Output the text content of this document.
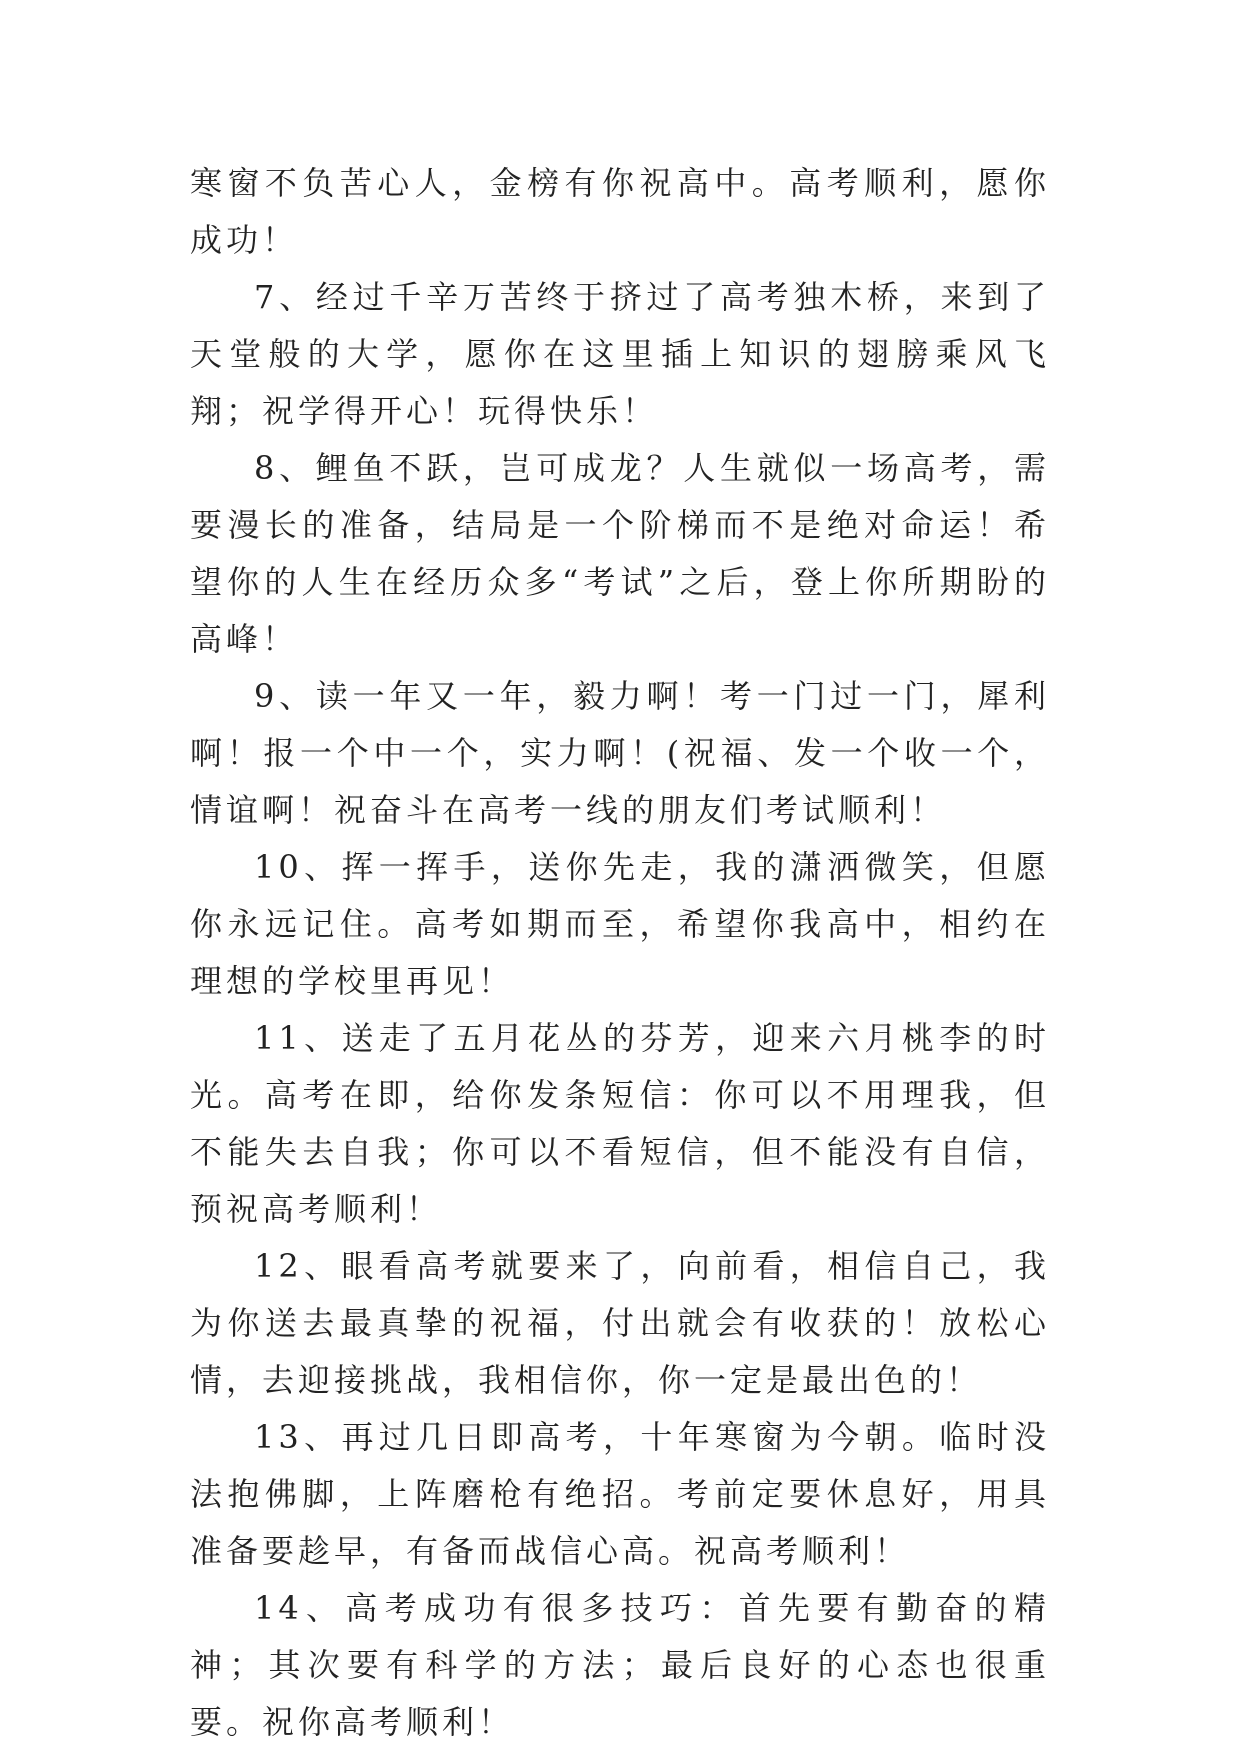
寒窗不负苦心人，金榜有你祝高中。高考顺利，愿你成功！

7、经过千辛万苦终于挤过了高考独木桥，来到了天堂般的大学，愿你在这里插上知识的翅膀乘风飞翔；祝学得开心！玩得快乐！

8、鲤鱼不跃，岂可成龙？人生就似一场高考，需要漫长的准备，结局是一个阶梯而不是绝对命运！希望你的人生在经历众多“考试”之后，登上你所期盼的高峰！

9、读一年又一年，毅力啊！考一门过一门，犀利啊！报一个中一个，实力啊！(祝福、发一个收一个，情谊啊！祝奋斗在高考一线的朋友们考试顺利！

10、挥一挥手，送你先走，我的潇洒微笑，但愿你永远记住。高考如期而至，希望你我高中，相约在理想的学校里再见！

11、送走了五月花丛的芬芳，迎来六月桃李的时光。高考在即，给你发条短信：你可以不用理我，但不能失去自我；你可以不看短信，但不能没有自信，预祝高考顺利！

12、眼看高考就要来了，向前看，相信自己，我为你送去最真挚的祝福，付出就会有收获的！放松心情，去迎接挑战，我相信你，你一定是最出色的！

13、再过几日即高考，十年寒窗为今朝。临时没法抱佛脚，上阵磨枪有绝招。考前定要休息好，用具准备要趁早，有备而战信心高。祝高考顺利！

14、高考成功有很多技巧：首先要有勤奋的精神；其次要有科学的方法；最后良好的心态也很重要。祝你高考顺利！
